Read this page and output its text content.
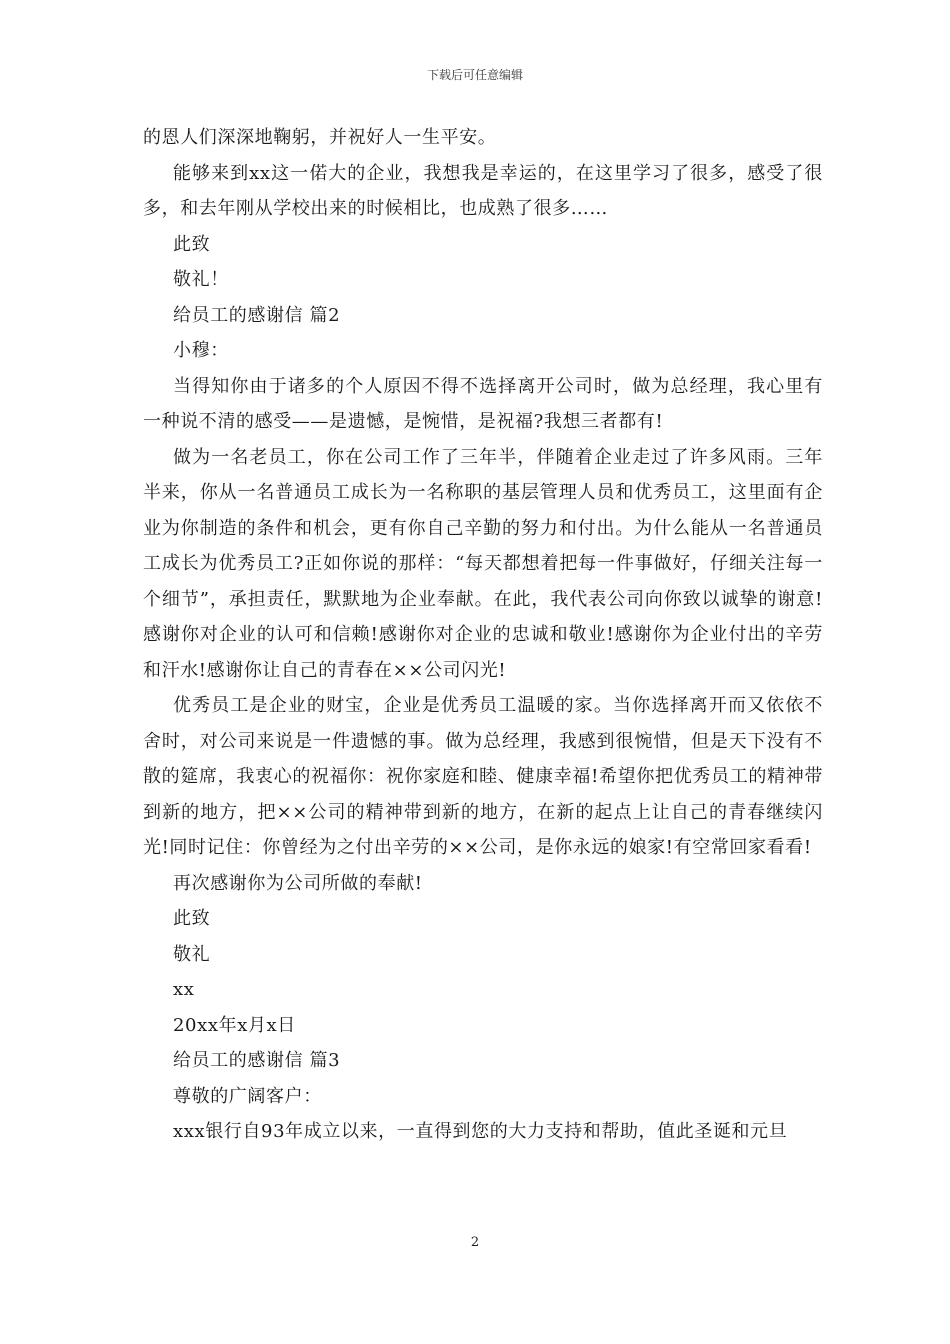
下载后可任意编辑

的恩人们深深地鞠躬，并祝好人一生平安。

能够来到xx这一偌大的企业，我想我是幸运的，在这里学习了很多，感受了很多，和去年刚从学校出来的时候相比，也成熟了很多……

此致

敬礼！

给员工的感谢信 篇2

小穆：

当得知你由于诸多的个人原因不得不选择离开公司时，做为总经理，我心里有一种说不清的感受——是遗憾，是惋惜，是祝福?我想三者都有!

做为一名老员工，你在公司工作了三年半，伴随着企业走过了许多风雨。三年半来，你从一名普通员工成长为一名称职的基层管理人员和优秀员工，这里面有企业为你制造的条件和机会，更有你自己辛勤的努力和付出。为什么能从一名普通员工成长为优秀员工?正如你说的那样：“每天都想着把每一件事做好，仔细关注每一个细节”，承担责任，默默地为企业奉献。在此，我代表公司向你致以诚挚的谢意!感谢你对企业的认可和信赖!感谢你对企业的忠诚和敬业!感谢你为企业付出的辛劳和汗水!感谢你让自己的青春在××公司闪光!

优秀员工是企业的财宝，企业是优秀员工温暖的家。当你选择离开而又依依不舍时，对公司来说是一件遗憾的事。做为总经理，我感到很惋惜，但是天下没有不散的筵席，我衷心的祝福你：祝你家庭和睦、健康幸福!希望你把优秀员工的精神带到新的地方，把××公司的精神带到新的地方，在新的起点上让自己的青春继续闪光!同时记住：你曾经为之付出辛劳的××公司，是你永远的娘家!有空常回家看看!

再次感谢你为公司所做的奉献!

此致

敬礼

xx

20xx年x月x日

给员工的感谢信 篇3

尊敬的广阔客户：

xxx银行自93年成立以来，一直得到您的大力支持和帮助，值此圣诞和元旦

2
